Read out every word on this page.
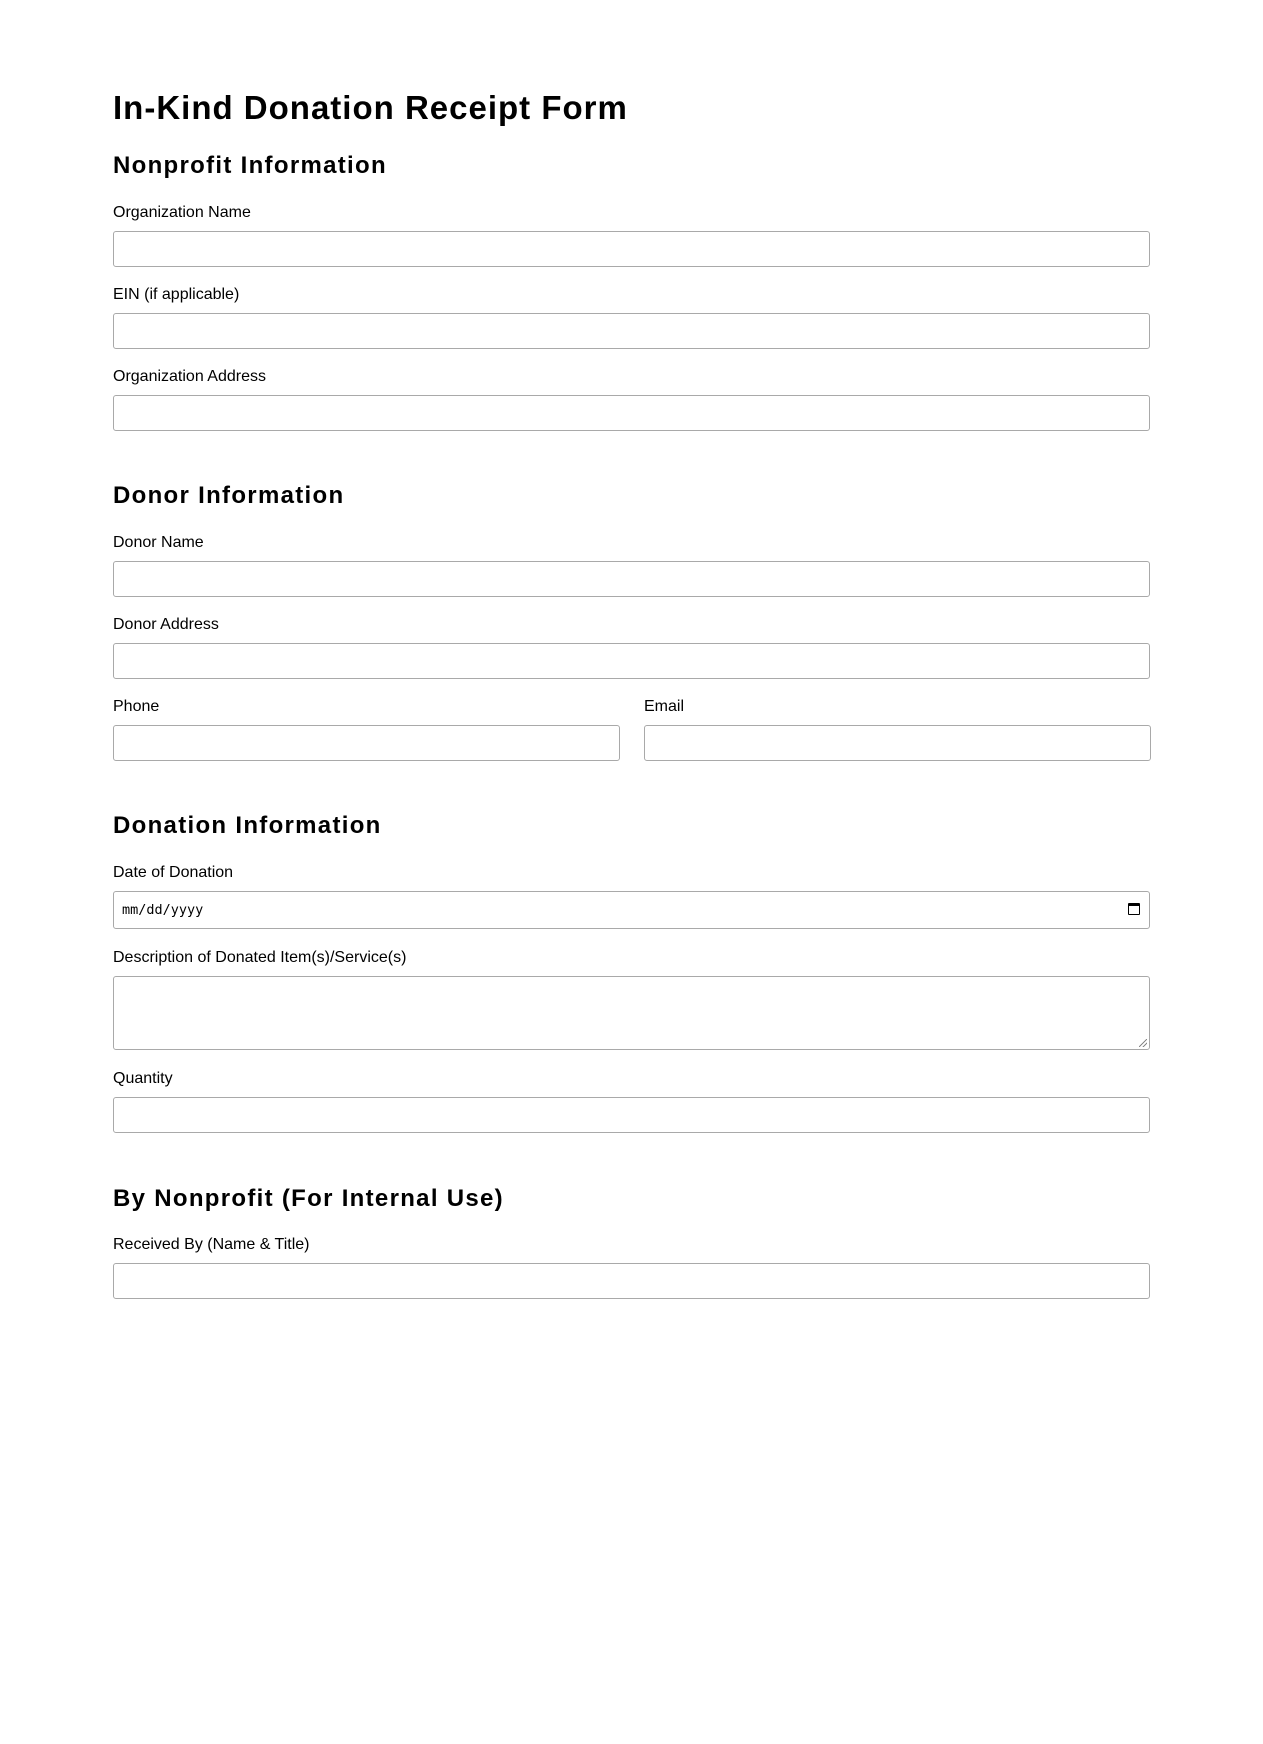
In-Kind Donation Receipt Form
Nonprofit Information
Organization Name
EIN (if applicable)
Organization Address
Donor Information
Donor Name
Donor Address
Phone	Email
Donation Information
Date of Donation
mm/dd/yyyy
Description of Donated Item(s)/Service(s)
Quantity
By Nonprofit (For Internal Use)
Received By (Name & Title)
